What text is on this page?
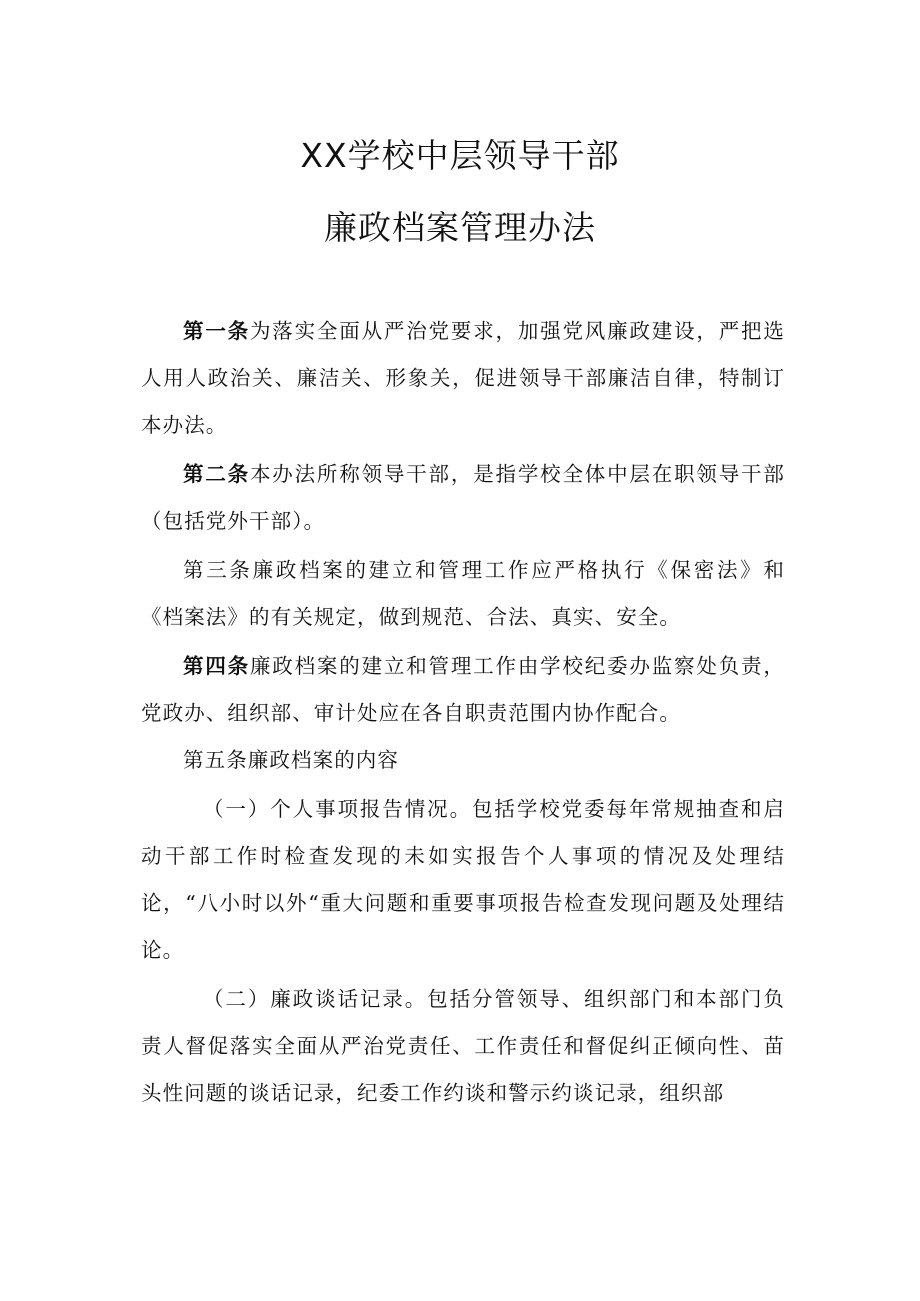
XX学校中层领导干部
廉政档案管理办法

第一条为落实全面从严治党要求，加强党风廉政建设，严把选人用人政治关、廉洁关、形象关，促进领导干部廉洁自律，特制订本办法。

第二条本办法所称领导干部，是指学校全体中层在职领导干部（包括党外干部）。

第三条廉政档案的建立和管理工作应严格执行《保密法》和《档案法》的有关规定，做到规范、合法、真实、安全。

第四条廉政档案的建立和管理工作由学校纪委办监察处负责，党政办、组织部、审计处应在各自职责范围内协作配合。

第五条廉政档案的内容

（一）个人事项报告情况。包括学校党委每年常规抽查和启动干部工作时检查发现的未如实报告个人事项的情况及处理结论，“八小时以外“重大问题和重要事项报告检查发现问题及处理结论。

（二）廉政谈话记录。包括分管领导、组织部门和本部门负责人督促落实全面从严治党责任、工作责任和督促纠正倾向性、苗头性问题的谈话记录，纪委工作约谈和警示约谈记录，组织部
